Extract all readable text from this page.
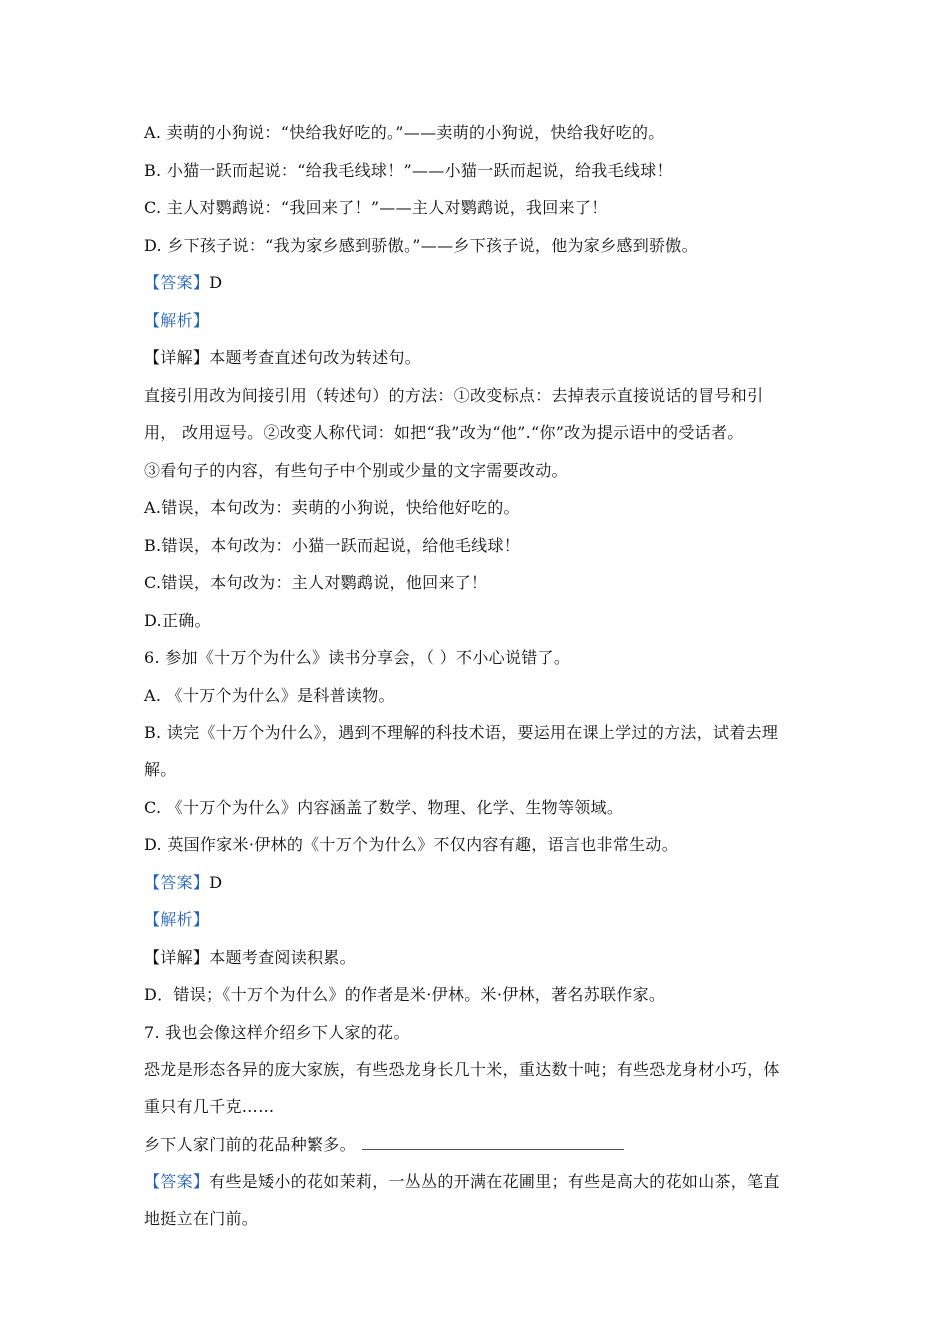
A. 卖萌的小狗说：“快给我好吃的。”——卖萌的小狗说，快给我好吃的。

B. 小猫一跃而起说：“给我毛线球！”——小猫一跃而起说，给我毛线球！

C. 主人对鹦鹉说：“我回来了！”——主人对鹦鹉说，我回来了！

D. 乡下孩子说：“我为家乡感到骄傲。”——乡下孩子说，他为家乡感到骄傲。

【答案】D

【解析】

【详解】本题考查直述句改为转述句。

直接引用改为间接引用（转述句）的方法：①改变标点：去掉表示直接说话的冒号和引

用， 改用逗号。②改变人称代词：如把“我”改为“他”.“你”改为提示语中的受话者。

③看句子的内容，有些句子中个别或少量的文字需要改动。

A.错误，本句改为：卖萌的小狗说，快给他好吃的。

B.错误，本句改为：小猫一跃而起说，给他毛线球！

C.错误，本句改为：主人对鹦鹉说，他回来了！

D.正确。

6. 参加《十万个为什么》读书分享会，（ ）不小心说错了。

A. 《十万个为什么》是科普读物。

B. 读完《十万个为什么》，遇到不理解的科技术语，要运用在课上学过的方法，试着去理

解。

C. 《十万个为什么》内容涵盖了数学、物理、化学、生物等领域。

D. 英国作家米·伊林的《十万个为什么》不仅内容有趣，语言也非常生动。

【答案】D

【解析】

【详解】本题考查阅读积累。

D．错误；《十万个为什么》的作者是米·伊林。米·伊林，著名苏联作家。

7. 我也会像这样介绍乡下人家的花。

恐龙是形态各异的庞大家族，有些恐龙身长几十米，重达数十吨；有些恐龙身材小巧，体

重只有几千克……

乡下人家门前的花品种繁多。

【答案】有些是矮小的花如茉莉，一丛丛的开满在花圃里；有些是高大的花如山茶，笔直

地挺立在门前。
